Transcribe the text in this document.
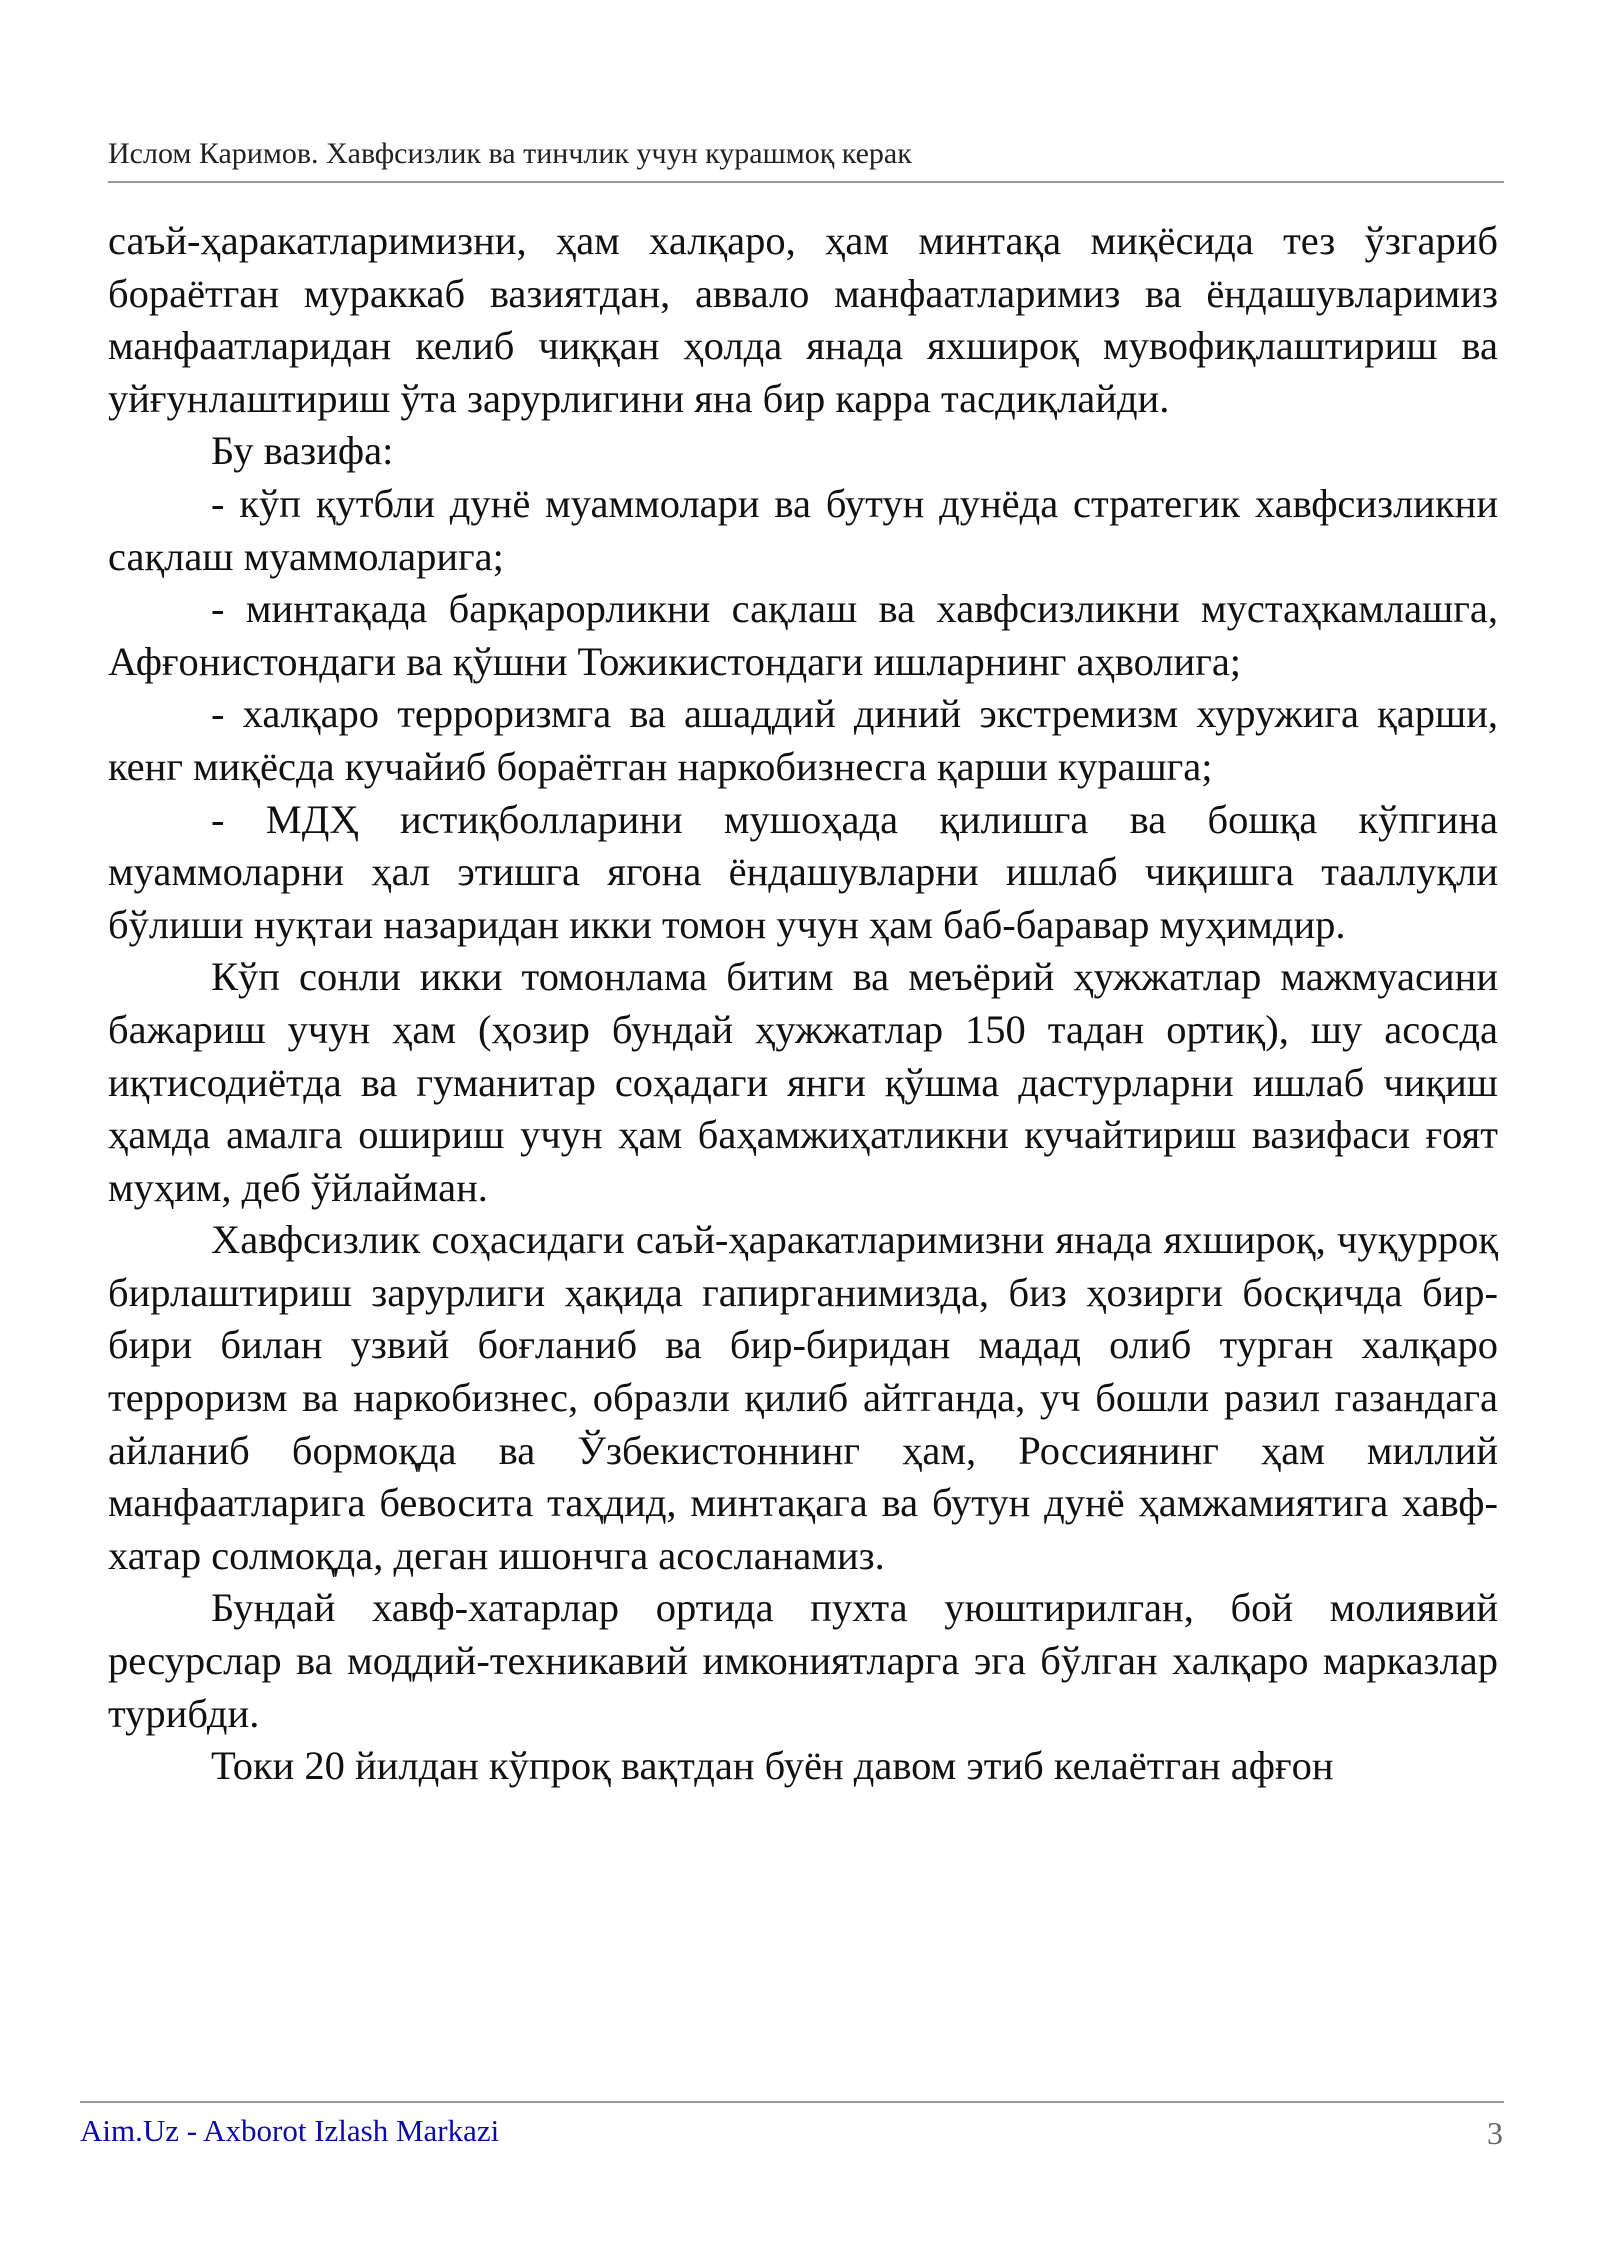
Ислом Каримов. Хавфсизлик ва тинчлик учун курашмоқ керак

саъй-ҳаракатларимизни, ҳам халқаро, ҳам минтақа миқёсида тез ўзгариб бораётган мураккаб вазиятдан, аввало манфаатларимиз ва ёндашувларимиз манфаатларидан келиб чиққан ҳолда янада яхшироқ мувофиқлаштириш ва уйғунлаштириш ўта зарурлигини яна бир карра тасдиқлайди.

Бу вазифа:

- кўп қутбли дунё муаммолари ва бутун дунёда стратегик хавфсизликни сақлаш муаммоларига;

- минтақада барқарорликни сақлаш ва хавфсизликни мустаҳкамлашга, Афғонистондаги ва қўшни Тожикистондаги ишларнинг аҳволига;

- халқаро терроризмга ва ашаддий диний экстремизм хуружига қарши, кенг миқёсда кучайиб бораётган наркобизнесга қарши курашга;

- МДҲ истиқболларини мушоҳада қилишга ва бошқа кўпгина муаммоларни ҳал этишга ягона ёндашувларни ишлаб чиқишга тааллуқли бўлиши нуқтаи назаридан икки томон учун ҳам баб-баравар муҳимдир.

Кўп сонли икки томонлама битим ва меъёрий ҳужжатлар мажмуасини бажариш учун ҳам (ҳозир бундай ҳужжатлар 150 тадан ортиқ), шу асосда иқтисодиётда ва гуманитар соҳадаги янги қўшма дастурларни ишлаб чиқиш ҳамда амалга ошириш учун ҳам баҳамжиҳатликни кучайтириш вазифаси ғоят муҳим, деб ўйлайман.

Хавфсизлик соҳасидаги саъй-ҳаракатларимизни янада яхшироқ, чуқурроқ бирлаштириш зарурлиги ҳақида гапирганимизда, биз ҳозирги босқичда бир-бири билан узвий боғланиб ва бир-биридан мадад олиб турган халқаро терроризм ва наркобизнес, образли қилиб айтганда, уч бошли разил газандага айланиб бормоқда ва Ўзбекистоннинг ҳам, Россиянинг ҳам миллий манфаатларига бевосита таҳдид, минтақага ва бутун дунё ҳамжамиятига хавф-хатар солмоқда, деган ишончга асосланамиз.

Бундай хавф-хатарлар ортида пухта уюштирилган, бой молиявий ресурслар ва моддий-техникавий имкониятларга эга бўлган халқаро марказлар турибди.

Токи 20 йилдан кўпроқ вақтдан буён давом этиб келаётган афғон

Aim.Uz - Axborot Izlash Markazi	3
